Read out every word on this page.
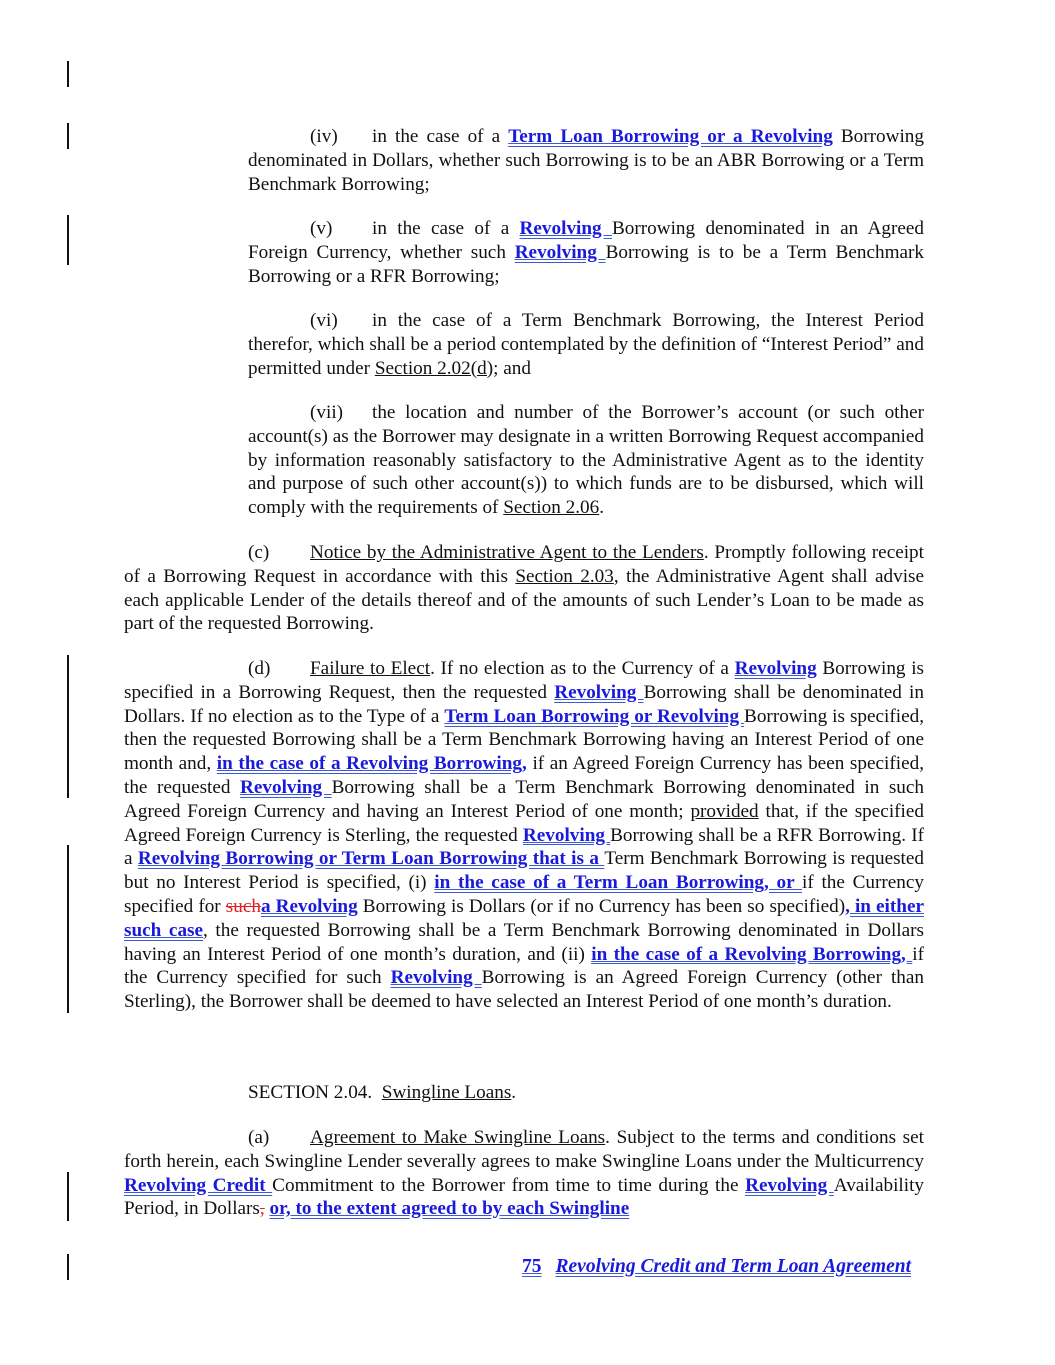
(iv) in the case of a Term Loan Borrowing or a Revolving Borrowing denominated in Dollars, whether such Borrowing is to be an ABR Borrowing or a Term Benchmark Borrowing;
(v) in the case of a Revolving Borrowing denominated in an Agreed Foreign Currency, whether such Revolving Borrowing is to be a Term Benchmark Borrowing or a RFR Borrowing;
(vi) in the case of a Term Benchmark Borrowing, the Interest Period therefor, which shall be a period contemplated by the definition of “Interest Period” and permitted under Section 2.02(d); and
(vii) the location and number of the Borrower’s account (or such other account(s) as the Borrower may designate in a written Borrowing Request accompanied by information reasonably satisfactory to the Administrative Agent as to the identity and purpose of such other account(s)) to which funds are to be disbursed, which will comply with the requirements of Section 2.06.
(c) Notice by the Administrative Agent to the Lenders. Promptly following receipt of a Borrowing Request in accordance with this Section 2.03, the Administrative Agent shall advise each applicable Lender of the details thereof and of the amounts of such Lender’s Loan to be made as part of the requested Borrowing.
(d) Failure to Elect. If no election as to the Currency of a Revolving Borrowing is specified in a Borrowing Request, then the requested Revolving Borrowing shall be denominated in Dollars. If no election as to the Type of a Term Loan Borrowing or Revolving Borrowing is specified, then the requested Borrowing shall be a Term Benchmark Borrowing having an Interest Period of one month and, in the case of a Revolving Borrowing, if an Agreed Foreign Currency has been specified, the requested Revolving Borrowing shall be a Term Benchmark Borrowing denominated in such Agreed Foreign Currency and having an Interest Period of one month; provided that, if the specified Agreed Foreign Currency is Sterling, the requested Revolving Borrowing shall be a RFR Borrowing. If a Revolving Borrowing or Term Loan Borrowing that is a Term Benchmark Borrowing is requested but no Interest Period is specified, (i) in the case of a Term Loan Borrowing, or if the Currency specified for sucha Revolving Borrowing is Dollars (or if no Currency has been so specified), in either such case, the requested Borrowing shall be a Term Benchmark Borrowing denominated in Dollars having an Interest Period of one month’s duration, and (ii) in the case of a Revolving Borrowing, if the Currency specified for such Revolving Borrowing is an Agreed Foreign Currency (other than Sterling), the Borrower shall be deemed to have selected an Interest Period of one month’s duration.
SECTION 2.04.  Swingline Loans.
(a) Agreement to Make Swingline Loans. Subject to the terms and conditions set forth herein, each Swingline Lender severally agrees to make Swingline Loans under the Multicurrency Revolving Credit Commitment to the Borrower from time to time during the Revolving Availability Period, in Dollars, or, to the extent agreed to by each Swingline
75 Revolving Credit and Term Loan Agreement
